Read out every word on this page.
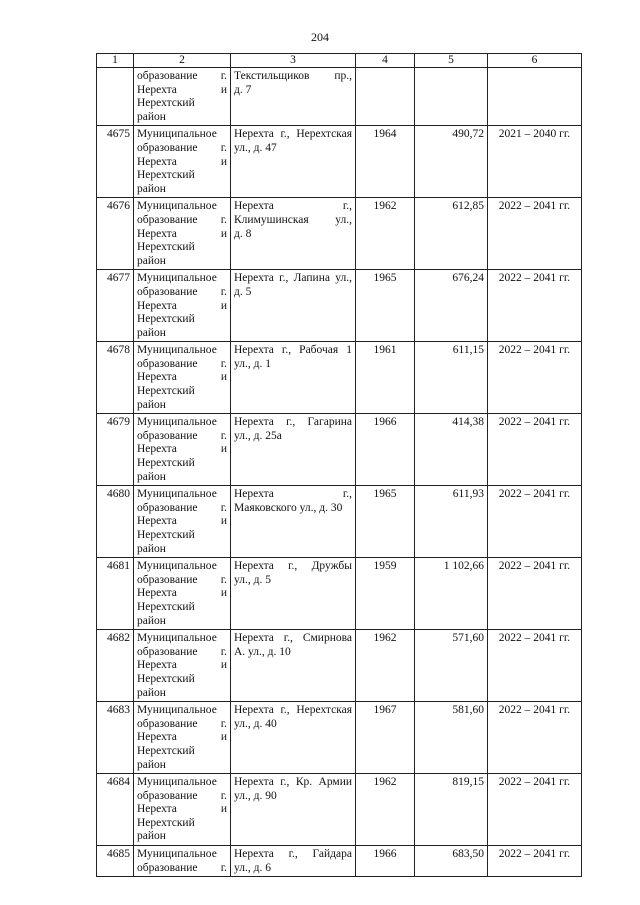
204
1	2	3	4	5	6

	образование г.
Нерехта и
Нерехтский
район	Текстильщиков пр.,
д. 7			

4675	Муниципальное
образование г.
Нерехта и
Нерехтский
район	Нерехта г., Нерехтская
ул., д. 47	1964	490,72	2021 – 2040 гг.
4676	Муниципальное
образование г.
Нерехта и
Нерехтский
район	Нерехта г.,
Климушинская ул.,
д. 8	1962	612,85	2022 – 2041 гг.
4677	Муниципальное
образование г.
Нерехта и
Нерехтский
район	Нерехта г., Лапина ул.,
д. 5	1965	676,24	2022 – 2041 гг.
4678	Муниципальное
образование г.
Нерехта и
Нерехтский
район	Нерехта г., Рабочая 1
ул., д. 1	1961	611,15	2022 – 2041 гг.
4679	Муниципальное
образование г.
Нерехта и
Нерехтский
район	Нерехта г., Гагарина
ул., д. 25а	1966	414,38	2022 – 2041 гг.
4680	Муниципальное
образование г.
Нерехта и
Нерехтский
район	Нерехта г.,
Маяковского ул., д. 30	1965	611,93	2022 – 2041 гг.
4681	Муниципальное
образование г.
Нерехта и
Нерехтский
район	Нерехта г., Дружбы
ул., д. 5	1959	1 102,66	2022 – 2041 гг.
4682	Муниципальное
образование г.
Нерехта и
Нерехтский
район	Нерехта г., Смирнова
А. ул., д. 10	1962	571,60	2022 – 2041 гг.
4683	Муниципальное
образование г.
Нерехта и
Нерехтский
район	Нерехта г., Нерехтская
ул., д. 40	1967	581,60	2022 – 2041 гг.
4684	Муниципальное
образование г.
Нерехта и
Нерехтский
район	Нерехта г., Кр. Армии
ул., д. 90	1962	819,15	2022 – 2041 гг.
4685	Муниципальное
образование г.	Нерехта г., Гайдара
ул., д. 6	1966	683,50	2022 – 2041 гг.
